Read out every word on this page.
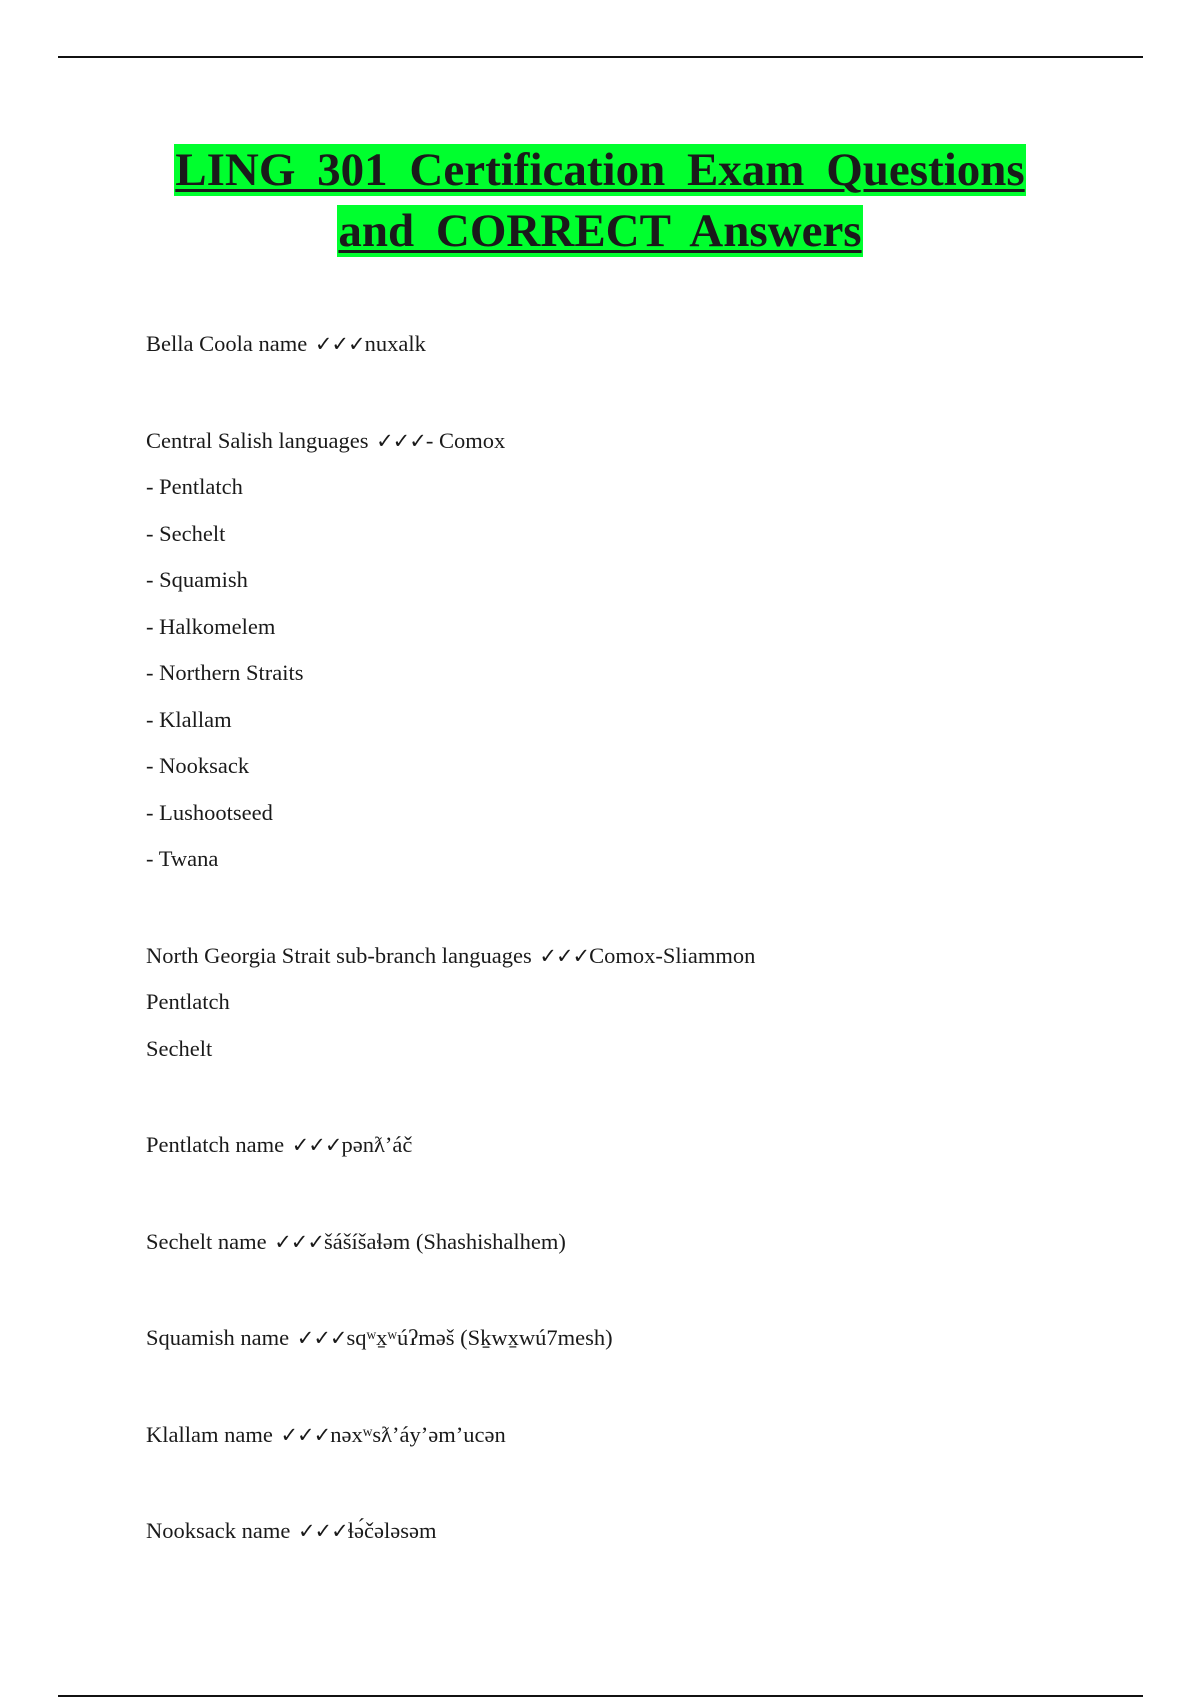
LING 301 Certification Exam Questions
and CORRECT Answers
Bella Coola name ✓✓✓nuxalk
Central Salish languages ✓✓✓- Comox
- Pentlatch
- Sechelt
- Squamish
- Halkomelem
- Northern Straits
- Klallam
- Nooksack
- Lushootseed
- Twana
North Georgia Strait sub-branch languages ✓✓✓Comox-Sliammon
Pentlatch
Sechelt
Pentlatch name ✓✓✓pənƛ’áč
Sechelt name ✓✓✓šášíšaɬəm (Shashishalhem)
Squamish name ✓✓✓sqʷx̱ʷúʔməš (Sḵwx̱wú7mesh)
Klallam name ✓✓✓nəxʷsƛ’áy’əm’ucən
Nooksack name ✓✓✓ɬə́čələsəm
